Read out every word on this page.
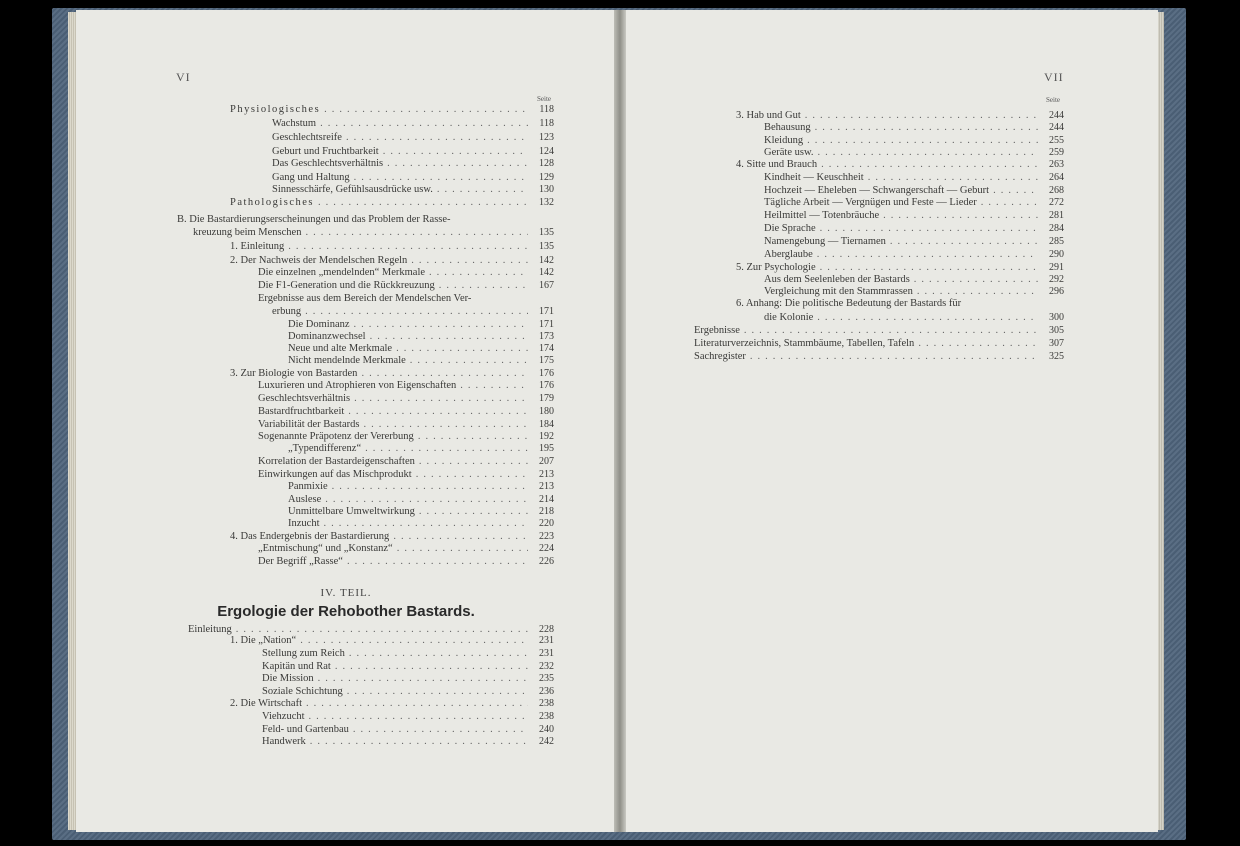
VI	VII
Seite	Seite
Physiologisches .....	118
Wachstum .....	118
Geschlechtsreife .....	123
Geburt und Fruchtbarkeit .....	124
Das Geschlechtsverhältnis .....	128
Gang und Haltung .....	129
Sinnesschärfe, Gefühlsausdrücke usw. .....	130
Pathologisches .....	132
B. Die Bastardierungserscheinungen und das Problem der Rasse-
kreuzung beim Menschen .....	135
1. Einleitung .....	135
2. Der Nachweis der Mendelschen Regeln .....	142
Die einzelnen „mendelnden“ Merkmale .....	142
Die F1-Generation und die Rückkreuzung .....	167
Ergebnisse aus dem Bereich der Mendelschen Ver-
erbung .....	171
Die Dominanz .....	171
Dominanzwechsel .....	173
Neue und alte Merkmale .....	174
Nicht mendelnde Merkmale .....	175
3. Zur Biologie von Bastarden .....	176
Luxurieren und Atrophieren von Eigenschaften .....	176
Geschlechtsverhältnis .....	179
Bastardfruchtbarkeit .....	180
Variabilität der Bastards .....	184
Sogenannte Präpotenz der Vererbung .....	192
„Typendifferenz“ .....	195
Korrelation der Bastardeigenschaften .....	207
Einwirkungen auf das Mischprodukt .....	213
Panmixie .....	213
Auslese .....	214
Unmittelbare Umweltwirkung .....	218
Inzucht .....	220
4. Das Endergebnis der Bastardierung .....	223
„Entmischung“ und „Konstanz“ .....	224
Der Begriff „Rasse“ .....	226
IV. TEIL.
Ergologie der Rehobother Bastards.
Einleitung .....	228
1. Die „Nation“ .....	231
Stellung zum Reich .....	231
Kapitän und Rat .....	232
Die Mission .....	235
Soziale Schichtung .....	236
2. Die Wirtschaft .....	238
Viehzucht .....	238
Feld- und Gartenbau .....	240
Handwerk .....	242
3. Hab und Gut .....	244
Behausung .....	244
Kleidung .....	255
Geräte usw. .....	259
4. Sitte und Brauch .....	263
Kindheit — Keuschheit .....	264
Hochzeit — Eheleben — Schwangerschaft — Geburt .....	268
Tägliche Arbeit — Vergnügen und Feste — Lieder .....	272
Heilmittel — Totenbräuche .....	281
Die Sprache .....	284
Namengebung — Tiernamen .....	285
Aberglaube .....	290
5. Zur Psychologie .....	291
Aus dem Seelenleben der Bastards .....	292
Vergleichung mit den Stammrassen .....	296
6. Anhang: Die politische Bedeutung der Bastards für
die Kolonie .....	300
Ergebnisse .....	305
Literaturverzeichnis, Stammbäume, Tabellen, Tafeln .....	307
Sachregister .....	325
